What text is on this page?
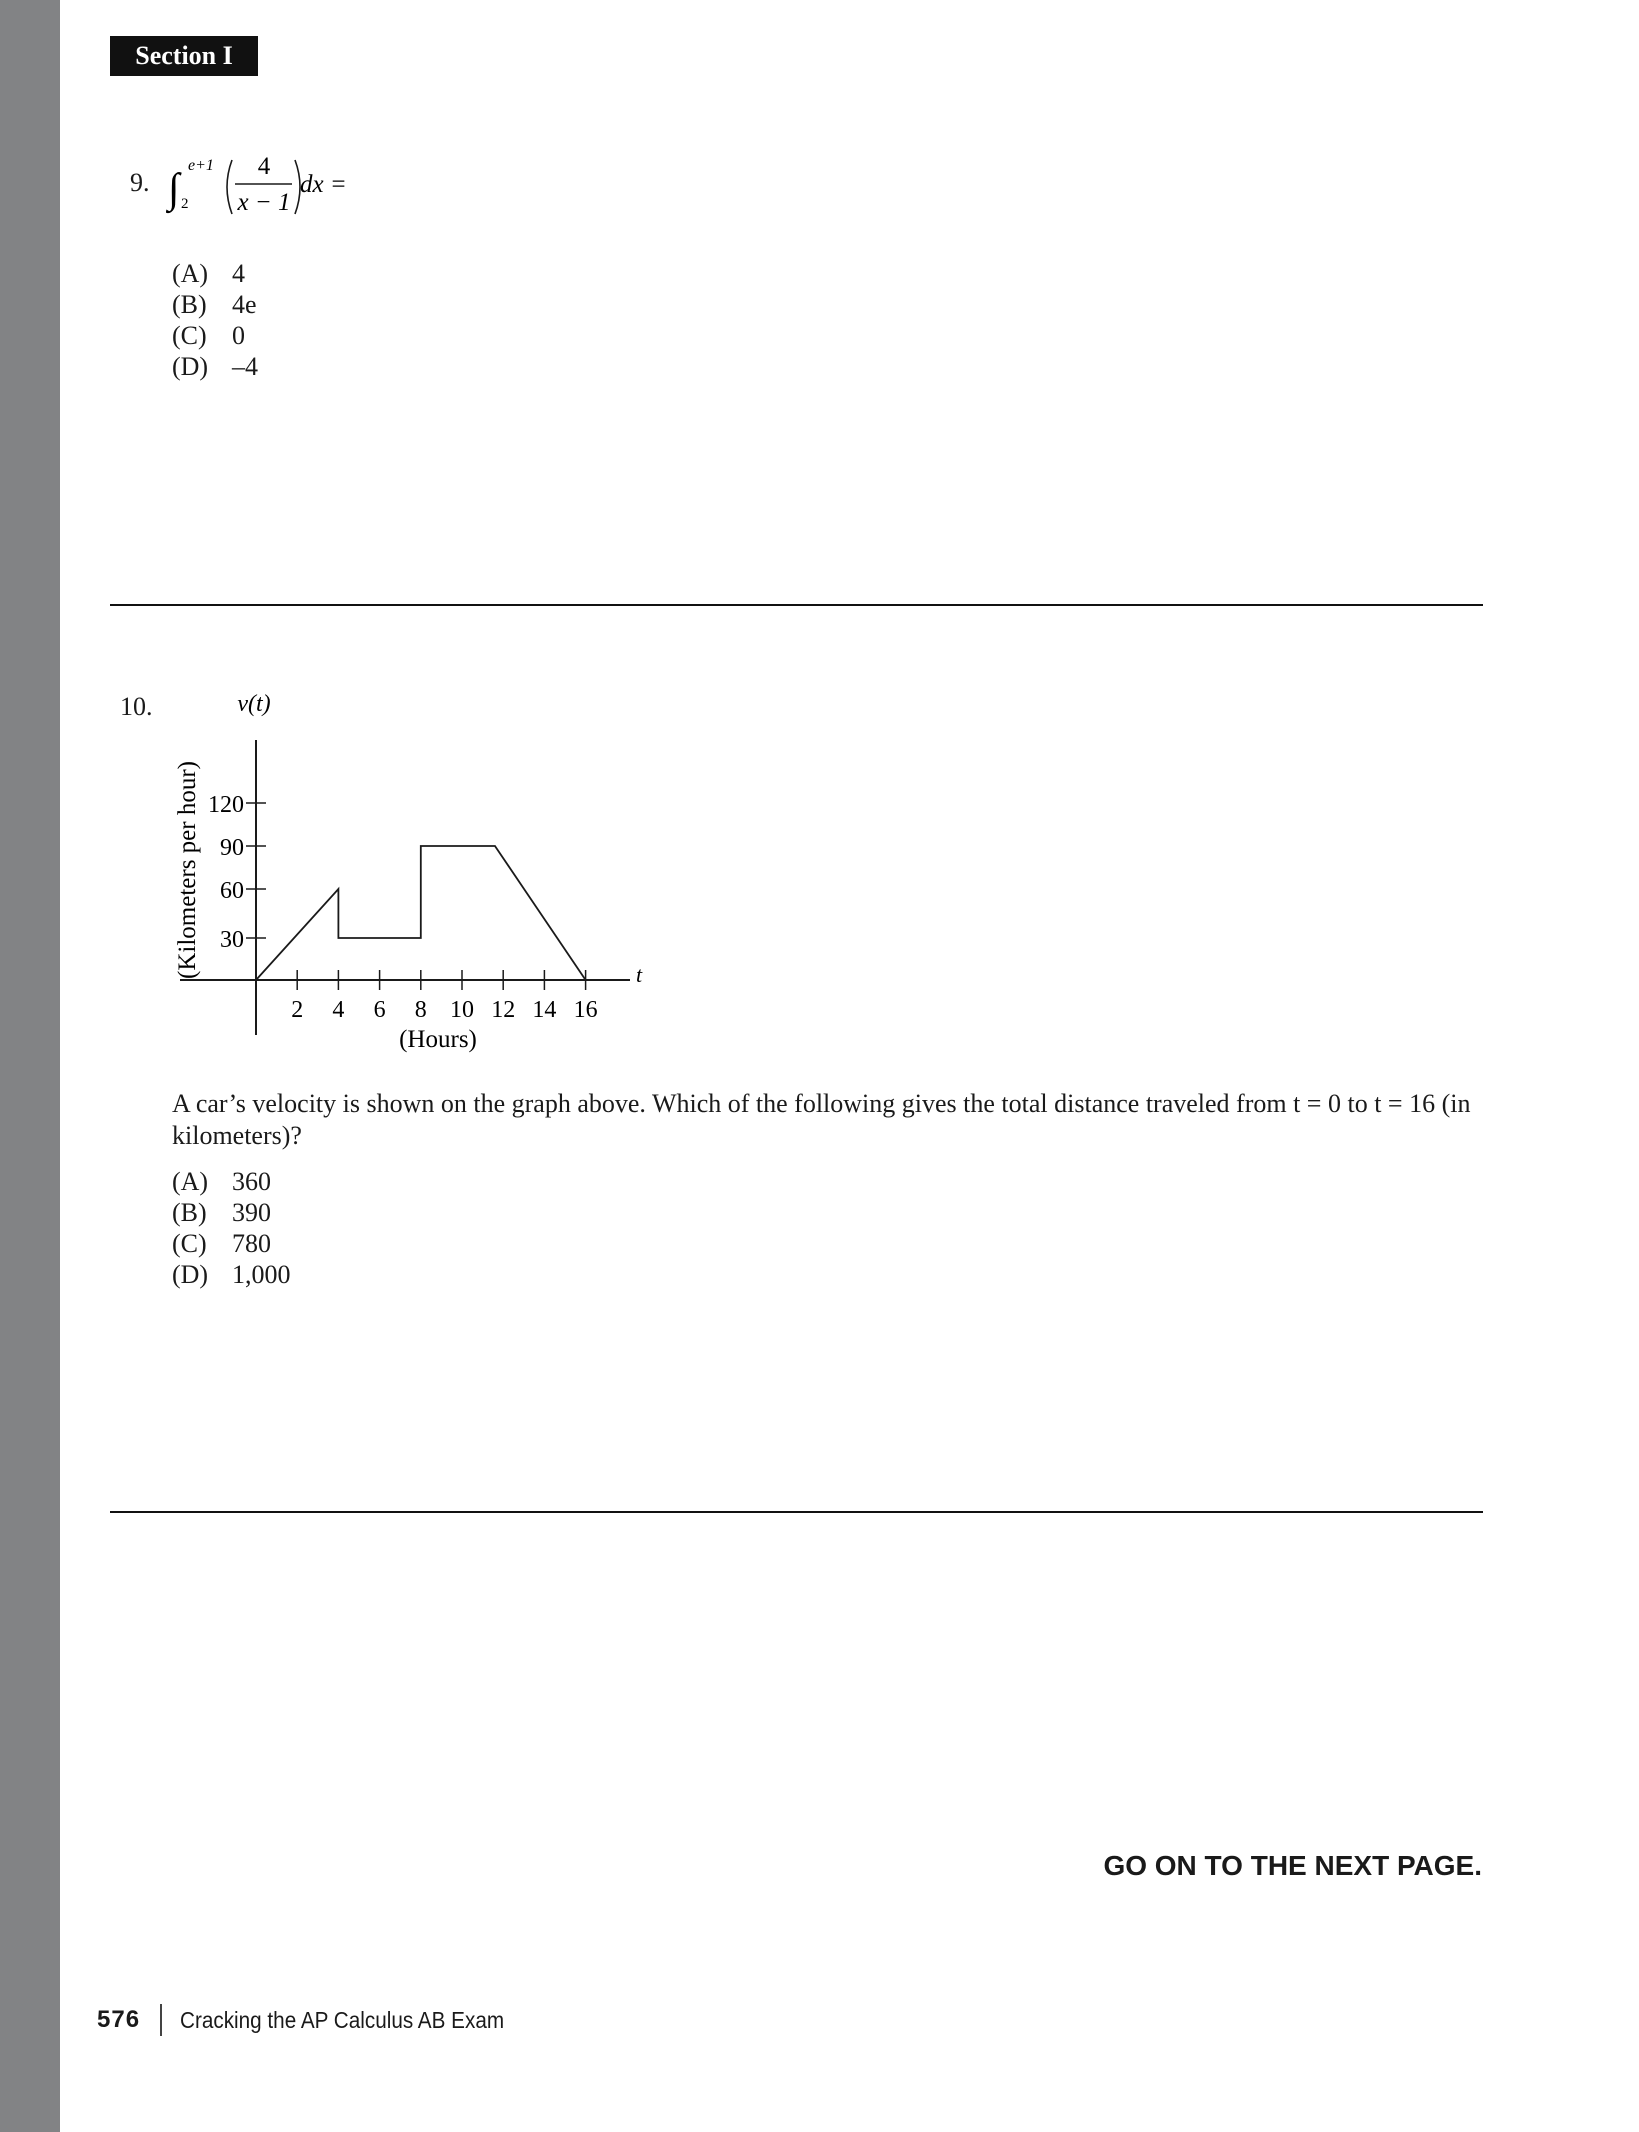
Section I
9. ∫
e+1
2
4
x − 1
dx =
(A) 4
(B) 4e
(C) 0
(D) –4
10.	v(t)
(Kilometers per hour)
(Hours)
t
2 4 6 8 10 12 14 16
30
60
90
120
A car’s velocity is shown on the graph above. Which of the following gives the total distance traveled from t = 0 to t = 16 (in kilometers)?
(A) 360
(B) 390
(C) 780
(D) 1,000
GO ON TO THE NEXT PAGE.
576 Cracking the AP Calculus AB Exam
